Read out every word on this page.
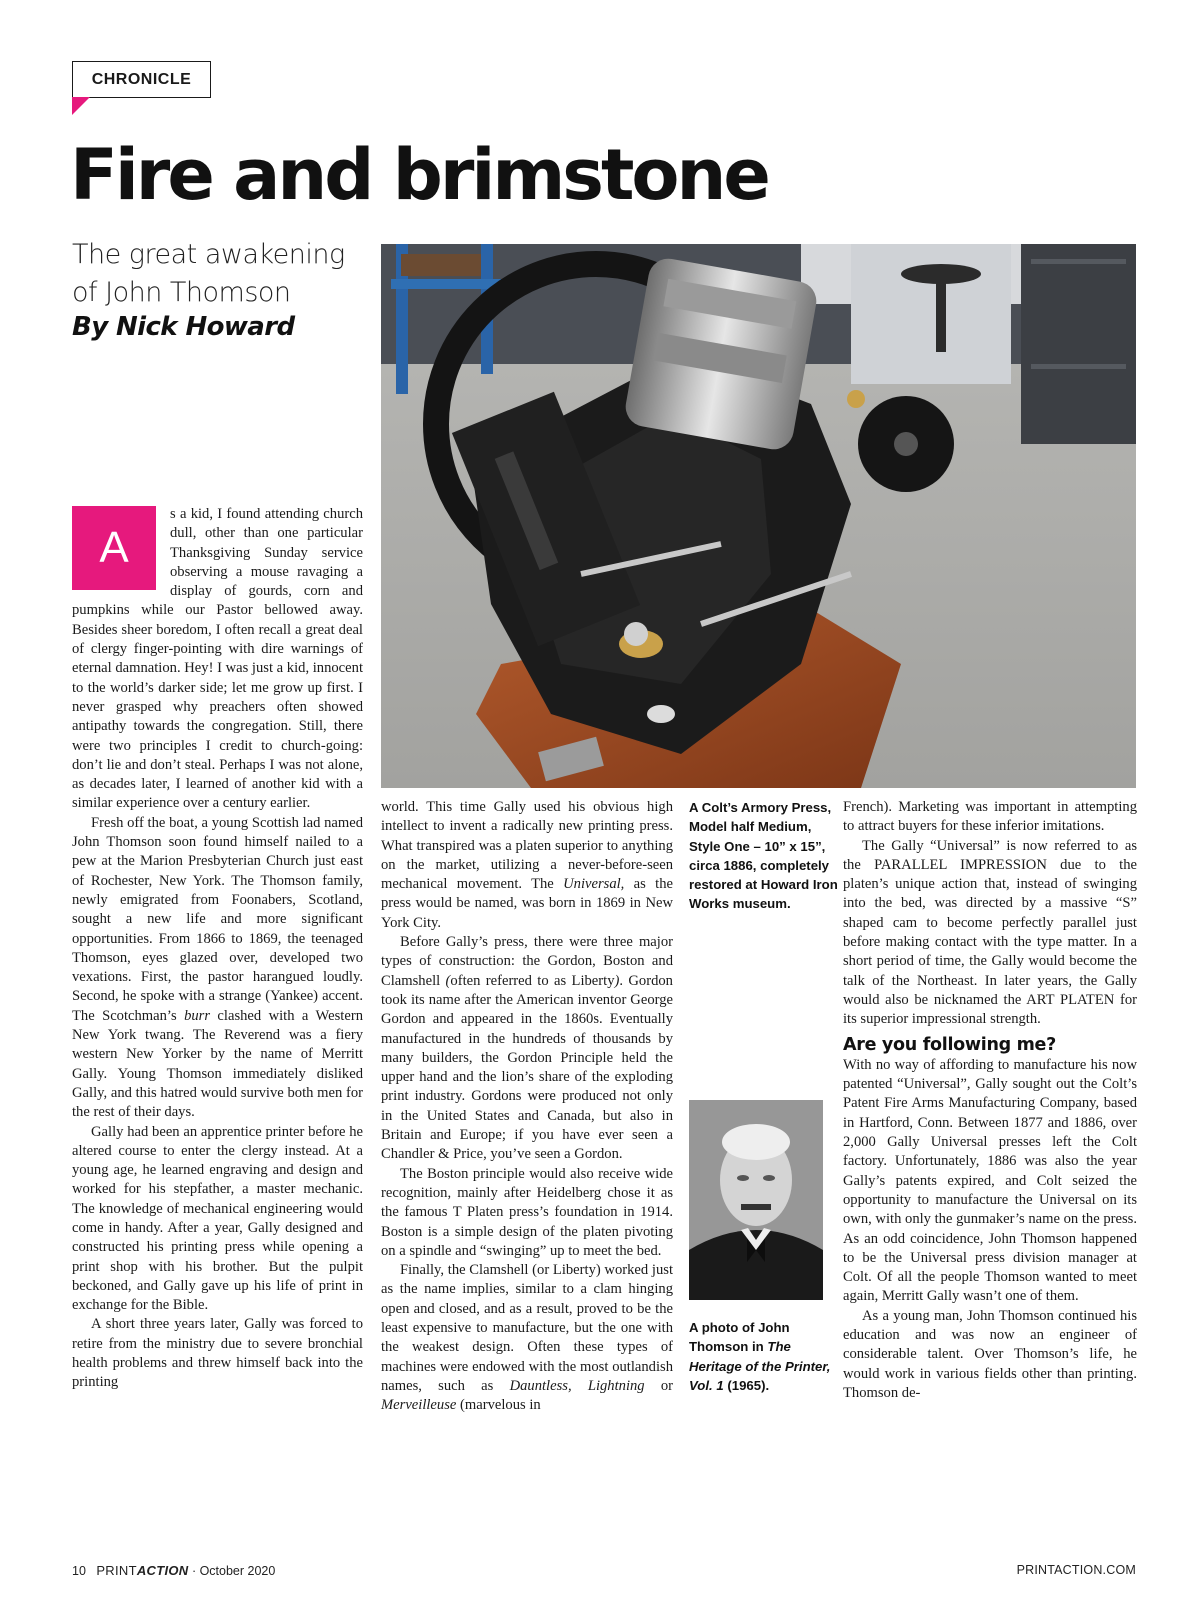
CHRONICLE
Fire and brimstone
The great awakening
of John Thomson
By Nick Howard
A

s a kid, I found attending church dull, other than one particular Thanksgiving Sunday service observing a mouse ravaging a display of gourds, corn and pumpkins while our Pastor bellowed away. Besides sheer boredom, I often recall a great deal of clergy finger-pointing with dire warnings of eternal damnation. Hey! I was just a kid, innocent to the world’s darker side; let me grow up first. I never grasped why preachers often showed antipathy towards the congregation. Still, there were two principles I credit to church-going: don’t lie and don’t steal. Perhaps I was not alone, as decades later, I learned of another kid with a similar experience over a century earlier.

Fresh off the boat, a young Scottish lad named John Thomson soon found himself nailed to a pew at the Marion Presbyterian Church just east of Rochester, New York. The Thomson family, newly emigrated from Foonabers, Scotland, sought a new life and more significant opportunities. From 1866 to 1869, the teenaged Thomson, eyes glazed over, developed two vexations. First, the pastor harangued loudly. Second, he spoke with a strange (Yankee) accent. The Scotchman’s burr clashed with a Western New York twang. The Reverend was a fiery western New Yorker by the name of Merritt Gally. Young Thomson immediately disliked Gally, and this hatred would survive both men for the rest of their days.

Gally had been an apprentice printer before he altered course to enter the clergy instead. At a young age, he learned engraving and design and worked for his stepfather, a master mechanic. The knowledge of mechanical engineering would come in handy. After a year, Gally designed and constructed his printing press while opening a print shop with his brother. But the pulpit beckoned, and Gally gave up his life of print in exchange for the Bible.

A short three years later, Gally was forced to retire from the ministry due to severe bronchial health problems and threw himself back into the printing

world. This time Gally used his obvious high intellect to invent a radically new printing press. What transpired was a platen superior to anything on the market, utilizing a never-before-seen mechanical movement. The Universal, as the press would be named, was born in 1869 in New York City.

Before Gally’s press, there were three major types of construction: the Gordon, Boston and Clamshell (often referred to as Liberty). Gordon took its name after the American inventor George Gordon and appeared in the 1860s. Eventually manufactured in the hundreds of thousands by many builders, the Gordon Principle held the upper hand and the lion’s share of the exploding print industry. Gordons were produced not only in the United States and Canada, but also in Britain and Europe; if you have ever seen a Chandler & Price, you’ve seen a Gordon.

The Boston principle would also receive wide recognition, mainly after Heidelberg chose it as the famous T Platen press’s foundation in 1914. Boston is a simple design of the platen pivoting on a spindle and “swinging” up to meet the bed.

Finally, the Clamshell (or Liberty) worked just as the name implies, similar to a clam hinging open and closed, and as a result, proved to be the least expensive to manufacture, but the one with the weakest design. Often these types of machines were endowed with the most outlandish names, such as Dauntless, Lightning or Merveilleuse (marvelous in

A Colt’s Armory Press, Model half Medium, Style One – 10” x 15”, circa 1886, completely restored at Howard Iron Works museum.
A photo of John Thomson in The Heritage of the Printer, Vol. 1 (1965).

French). Marketing was important in attempting to attract buyers for these inferior imitations.

The Gally “Universal” is now referred to as the PARALLEL IMPRESSION due to the platen’s unique action that, instead of swinging into the bed, was directed by a massive “S” shaped cam to become perfectly parallel just before making contact with the type matter. In a short period of time, the Gally would become the talk of the Northeast. In later years, the Gally would also be nicknamed the ART PLATEN for its superior impressional strength.

Are you following me?

With no way of affording to manufacture his now patented “Universal”, Gally sought out the Colt’s Patent Fire Arms Manufacturing Company, based in Hartford, Conn. Between 1877 and 1886, over 2,000 Gally Universal presses left the Colt factory. Unfortunately, 1886 was also the year Gally’s patents expired, and Colt seized the opportunity to manufacture the Universal on its own, with only the gunmaker’s name on the press. As an odd coincidence, John Thomson happened to be the Universal press division manager at Colt. Of all the people Thomson wanted to meet again, Merritt Gally wasn’t one of them.

As a young man, John Thomson continued his education and was now an engineer of considerable talent. Over Thomson’s life, he would work in various fields other than printing. Thomson de-

10 PRINTACTION · October 2020	PRINTACTION.COM
